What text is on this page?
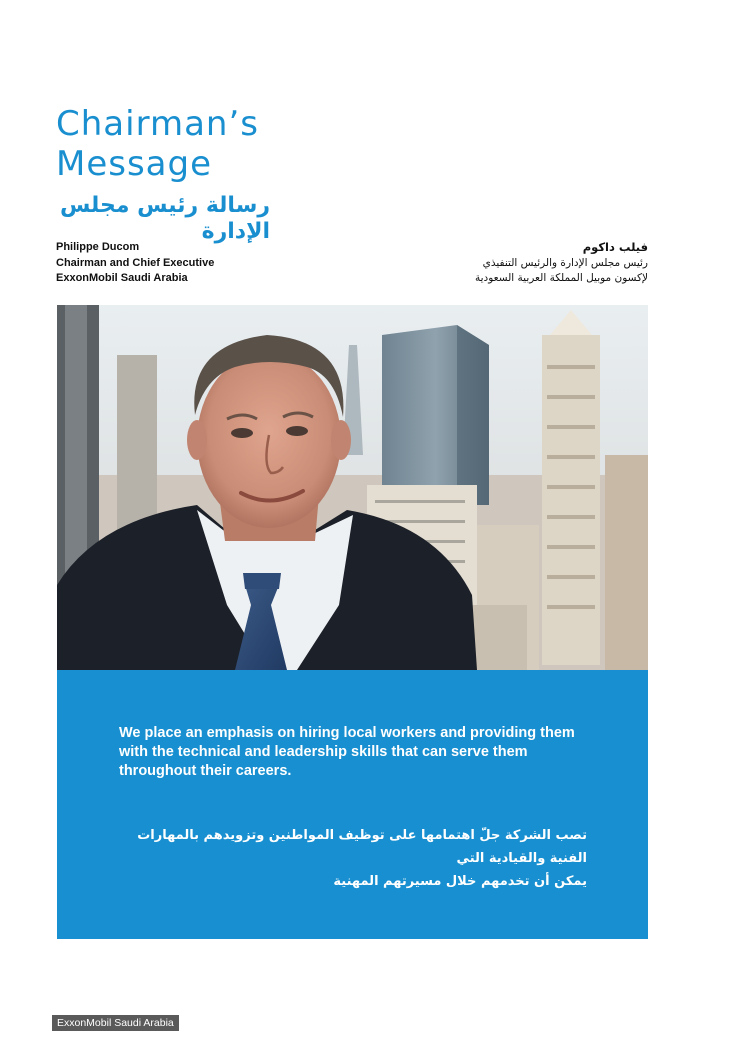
Chairman’s
Message
رسالة رئيس مجلس الإدارة
Philippe Ducom
Chairman and Chief Executive
ExxonMobil Saudi Arabia
فيلب داكوم
رئيس مجلس الإدارة والرئيس التنفيذي
لإكسون موبيل المملكة العربية السعودية
We place an emphasis on hiring local workers and providing them with the technical and leadership skills that can serve them throughout their careers.
تصب الشركة جلّ اهتمامها على توظيف المواطنين وتزويدهم بالمهارات الفنية والقيادية التي
يمكن أن تخدمهم خلال مسيرتهم المهنية
ExxonMobil Saudi Arabia
